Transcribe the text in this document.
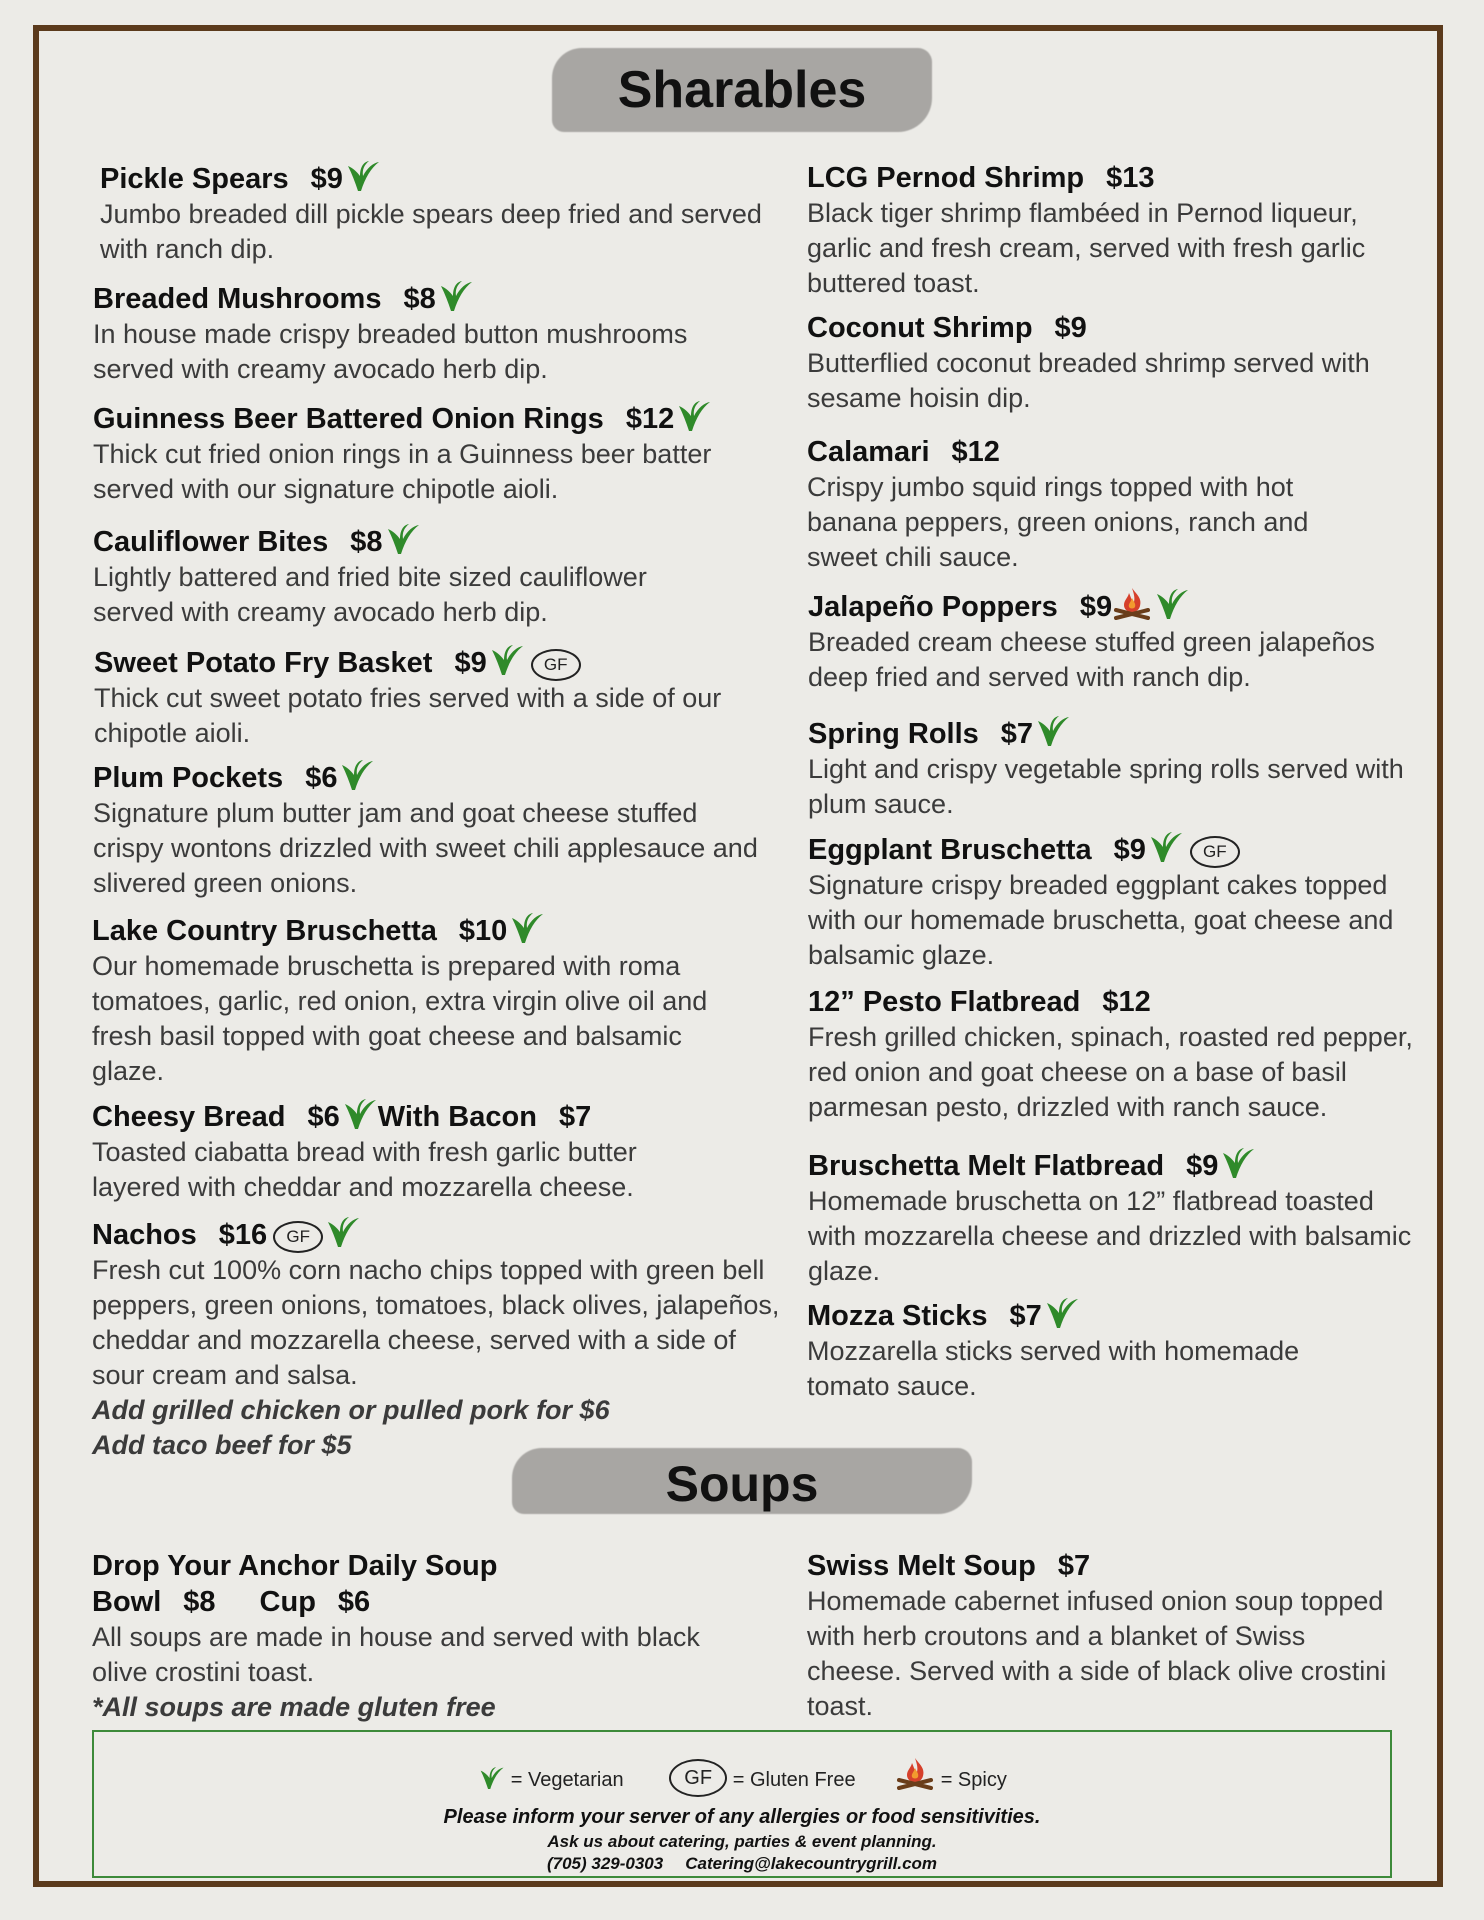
Sharables
Pickle Spears $9
Jumbo breaded dill pickle spears deep fried and served with ranch dip.
Breaded Mushrooms $8
In house made crispy breaded button mushrooms served with creamy avocado herb dip.
Guinness Beer Battered Onion Rings $12
Thick cut fried onion rings in a Guinness beer batter served with our signature chipotle aioli.
Cauliflower Bites $8
Lightly battered and fried bite sized cauliflower served with creamy avocado herb dip.
Sweet Potato Fry Basket $9	GF
Thick cut sweet potato fries served with a side of our chipotle aioli.
Plum Pockets $6
Signature plum butter jam and goat cheese stuffed crispy wontons drizzled with sweet chili applesauce and slivered green onions.
Lake Country Bruschetta $10
Our homemade bruschetta is prepared with roma tomatoes, garlic, red onion, extra virgin olive oil and fresh basil topped with goat cheese and balsamic glaze.
Cheesy Bread $6 With Bacon $7
Toasted ciabatta bread with fresh garlic butter layered with cheddar and mozzarella cheese.
Nachos $16 GF
Fresh cut 100% corn nacho chips topped with green bell peppers, green onions, tomatoes, black olives, jalapeños, cheddar and mozzarella cheese, served with a side of sour cream and salsa.
Add grilled chicken or pulled pork for $6
Add taco beef for $5
LCG Pernod Shrimp $13
Black tiger shrimp flambéed in Pernod liqueur, garlic and fresh cream, served with fresh garlic buttered toast.
Coconut Shrimp $9
Butterflied coconut breaded shrimp served with sesame hoisin dip.
Calamari $12
Crispy jumbo squid rings topped with hot banana peppers, green onions, ranch and sweet chili sauce.
Jalapeño Poppers $9
Breaded cream cheese stuffed green jalapeños deep fried and served with ranch dip.
Spring Rolls $7
Light and crispy vegetable spring rolls served with plum sauce.
Eggplant Bruschetta $9	GF
Signature crispy breaded eggplant cakes topped with our homemade bruschetta, goat cheese and balsamic glaze.
12” Pesto Flatbread $12
Fresh grilled chicken, spinach, roasted red pepper, red onion and goat cheese on a base of basil parmesan pesto, drizzled with ranch sauce.
Bruschetta Melt Flatbread $9
Homemade bruschetta on 12” flatbread toasted with mozzarella cheese and drizzled with balsamic glaze.
Mozza Sticks $7
Mozzarella sticks served with homemade tomato sauce.
Soups
Drop Your Anchor Daily Soup
Bowl $8 Cup $6
All soups are made in house and served with black olive crostini toast.
*All soups are made gluten free
Swiss Melt Soup $7
Homemade cabernet infused onion soup topped with herb croutons and a blanket of Swiss cheese. Served with a side of black olive crostini toast.
= Vegetarian	GF = Gluten Free	= Spicy
Please inform your server of any allergies or food sensitivities.
Ask us about catering, parties & event planning.
(705) 329-0303 Catering@lakecountrygrill.com
